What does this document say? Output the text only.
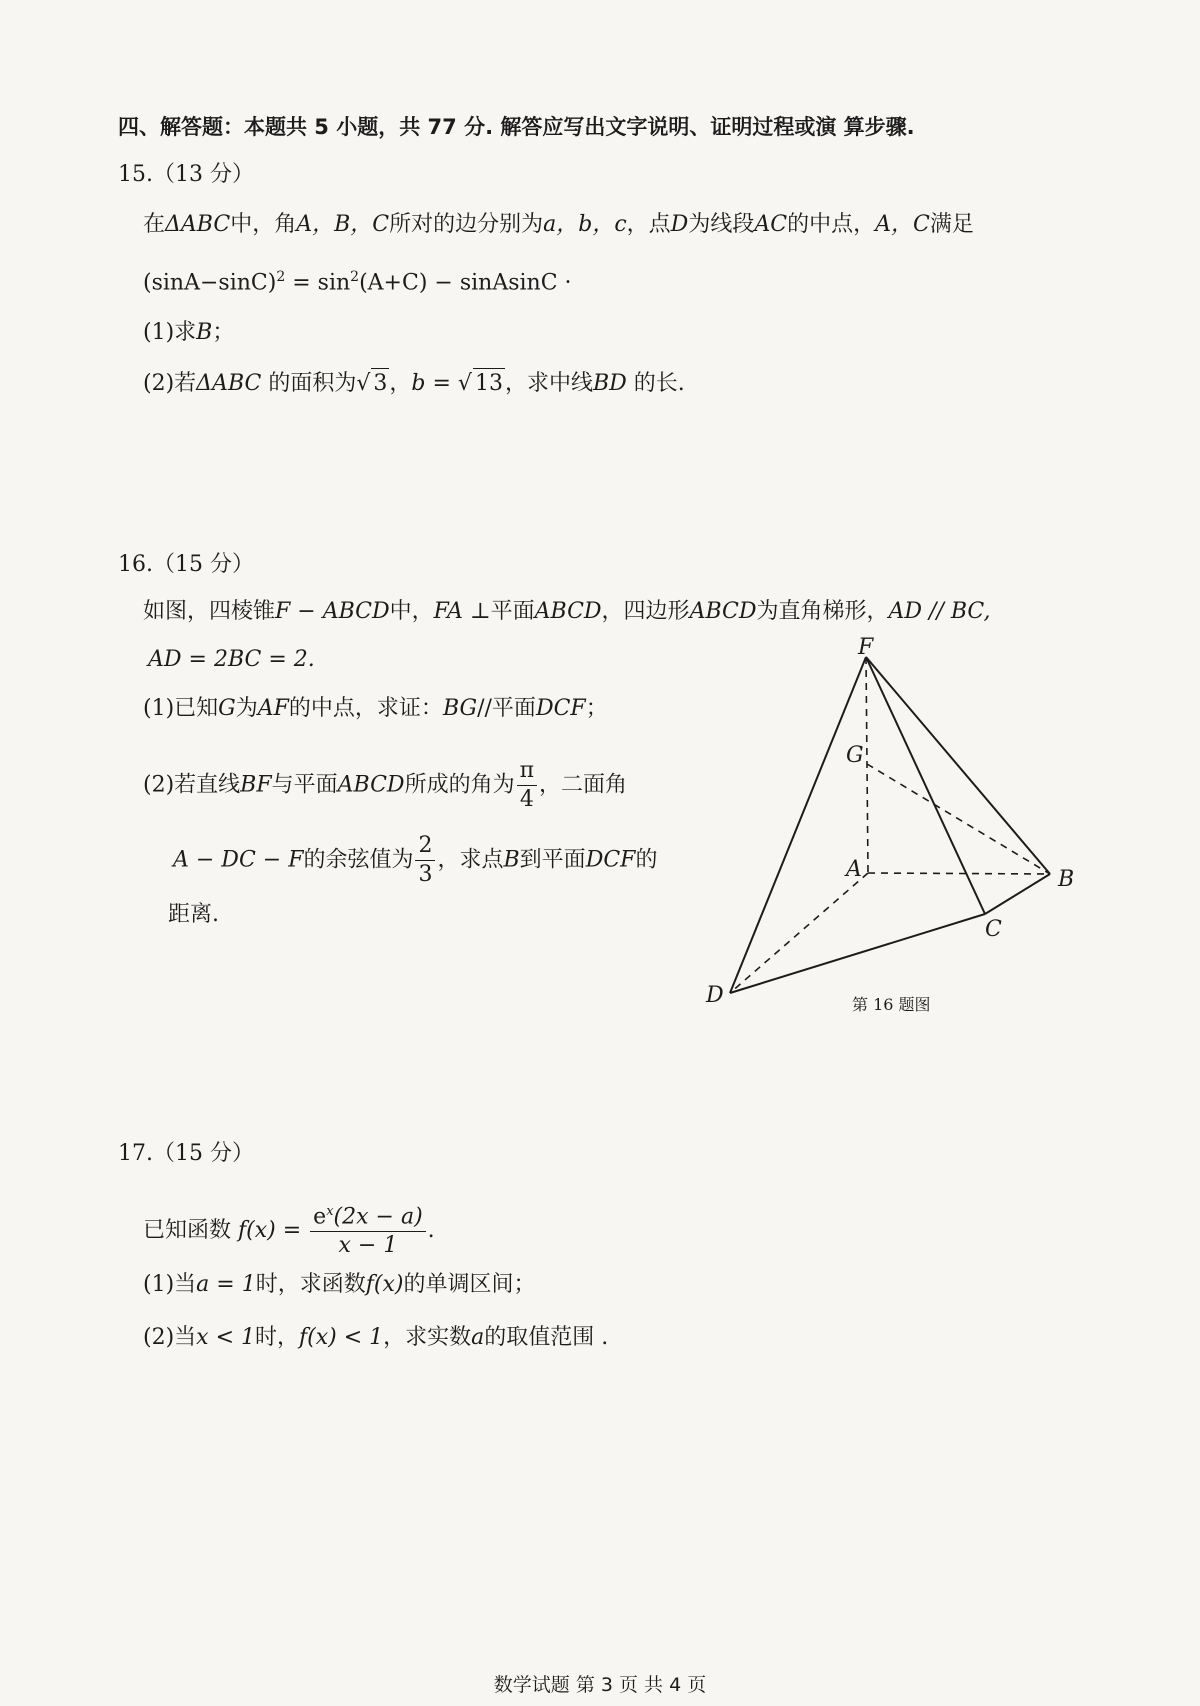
四、解答题：本题共 5 小题，共 77 分. 解答应写出文字说明、证明过程或演 算步骤.
15.（13 分）
在ΔABC中，角A，B，C所对的边分别为a，b，c，点D为线段AC的中点，A，C满足
$(\sin A-\sin C)^2 = \sin^2(A+C)$ − sinAsinC ·
(1)求B；
(2)若ΔABC 的面积为√ 3，b = √ 13，求中线BD 的长.
16.（15 分）
如图，四棱锥F − ABCD中，FA ⊥平面ABCD，四边形ABCD为直角梯形，AD // BC,
AD = 2BC = 2.
(1)已知G为AF的中点，求证：BG//平面DCF；
(2)若直线BF与平面ABCD所成的角为 $\frac{\pi}{4}$ ，二面角
A − DC − F的余弦值为 $\frac{2}{3}$ ，求点B到平面DCF的
距离.
F
G
A	B
C
D	第 16 题图
17.（15 分）
已知函数 $f(x) = \frac{e^x(2x - a)}{x - 1}$ .
(1)当a = 1时，求函数f(x)的单调区间；
(2)当x < 1时，f(x) < 1，求实数a的取值范围 .
数学试题 第 3 页 共 4 页
